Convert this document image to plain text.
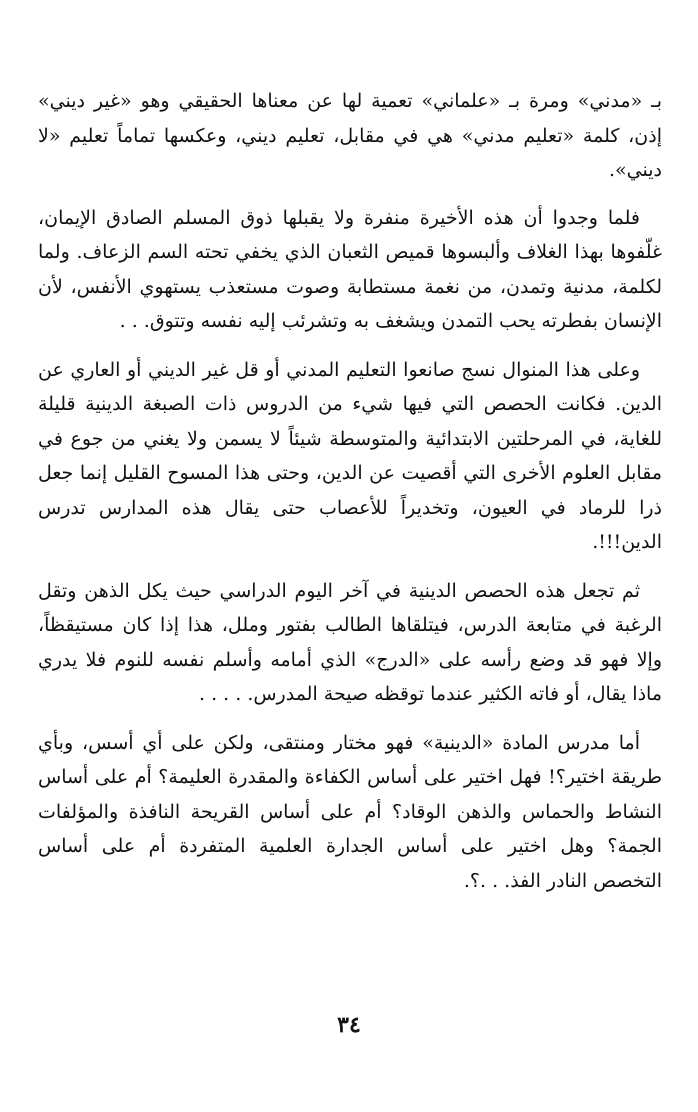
بـ «مدني» ومرة بـ «علماني» تعمية لها عن معناها الحقيقي وهو «غير ديني» إذن، كلمة «تعليم مدني» هي في مقابل، تعليم ديني، وعكسها تماماً تعليم «لا ديني».

فلما وجدوا أن هذه الأخيرة منفرة ولا يقبلها ذوق المسلم الصادق الإيمان، غلّفوها بهذا الغلاف وألبسوها قميص الثعبان الذي يخفي تحته السم الزعاف. ولما لكلمة، مدنية وتمدن، من نغمة مستطابة وصوت مستعذب يستهوي الأنفس، لأن الإنسان بفطرته يحب التمدن ويشغف به وتشرئب إليه نفسه وتتوق. . .

وعلى هذا المنوال نسج صانعوا التعليم المدني أو قل غير الديني أو العاري عن الدين. فكانت الحصص التي فيها شيء من الدروس ذات الصبغة الدينية قليلة للغاية، في المرحلتين الابتدائية والمتوسطة شيئاً لا يسمن ولا يغني من جوع في مقابل العلوم الأخرى التي أقصيت عن الدين، وحتى هذا المسوح القليل إنما جعل ذرا للرماد في العيون، وتخديراً للأعصاب حتى يقال هذه المدارس تدرس الدين!!!.

ثم تجعل هذه الحصص الدينية في آخر اليوم الدراسي حيث يكل الذهن وتقل الرغبة في متابعة الدرس، فيتلقاها الطالب بفتور وملل، هذا إذا كان مستيقظاً، وإلا فهو قد وضع رأسه على «الدرج» الذي أمامه وأسلم نفسه للنوم فلا يدري ماذا يقال، أو فاته الكثير عندما توقظه صيحة المدرس. . . . .

أما مدرس المادة «الدينية» فهو مختار ومنتقى، ولكن على أي أسس، وبأي طريقة اختير؟! فهل اختير على أساس الكفاءة والمقدرة العليمة؟ أم على أساس النشاط والحماس والذهن الوقاد؟ أم على أساس القريحة النافذة والمؤلفات الجمة؟ وهل اختير على أساس الجدارة العلمية المتفردة أم على أساس التخصص النادر الفذ. . .؟.

٣٤
